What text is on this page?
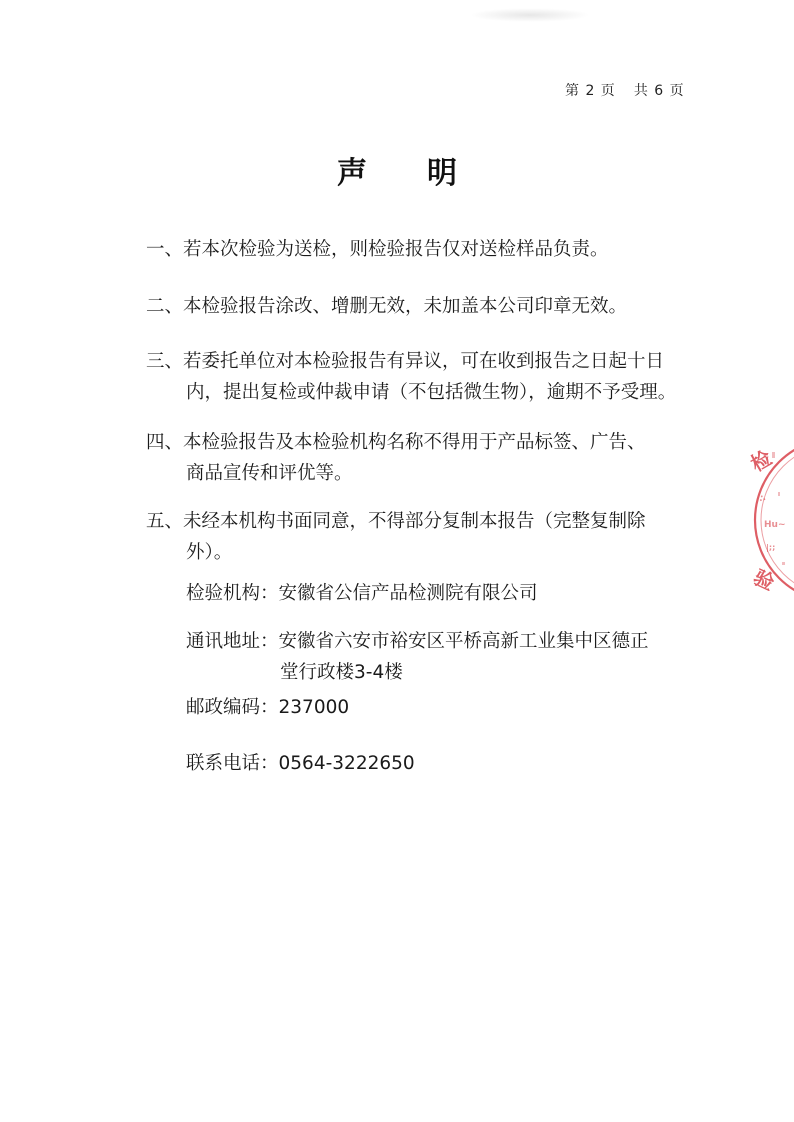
第 2 页 共 6 页
声明
一、若本次检验为送检，则检验报告仅对送检样品负责。
二、本检验报告涂改、增删无效，未加盖本公司印章无效。
三、若委托单位对本检验报告有异议，可在收到报告之日起十日
内，提出复检或仲裁申请（不包括微生物），逾期不予受理。
四、本检验报告及本检验机构名称不得用于产品标签、广告、
商品宣传和评优等。
五、未经本机构书面同意，不得部分复制本报告（完整复制除
外）。
检验机构：安徽省公信产品检测院有限公司
通讯地址：安徽省六安市裕安区平桥高新工业集中区德正
堂行政楼3-4楼
邮政编码：237000
联系电话：0564-3222650
检
验
∴
Hu~
|;;
